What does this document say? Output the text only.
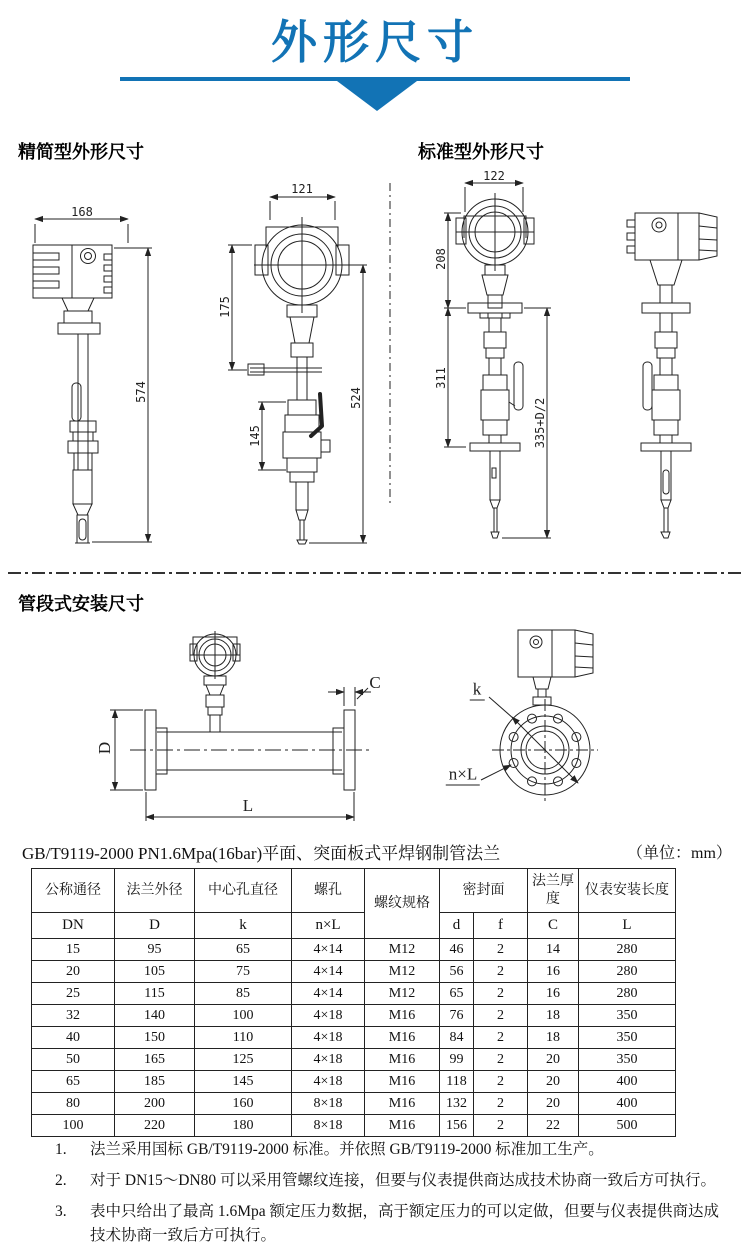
外形尺寸
精简型外形尺寸	标准型外形尺寸
168
574
121
175
145
524
122
208
311
335+D/2
管段式安装尺寸
C
D
L
k
n×L
GB/T9119-2000 PN1.6Mpa(16bar)平面、突面板式平焊钢制管法兰	（单位：mm）
公称通径	法兰外径	中心孔直径	螺孔	螺纹规格	密封面		法兰厚度	仪表安装长度
DN	D	k	n×L		d	f	C	L
15	95	65	4×14	M12	46	2	14	280
20	105	75	4×14	M12	56	2	16	280
25	115	85	4×14	M12	65	2	16	280
32	140	100	4×18	M16	76	2	18	350
40	150	110	4×18	M16	84	2	18	350
50	165	125	4×18	M16	99	2	20	350
65	185	145	4×18	M16	118	2	20	400
80	200	160	8×18	M16	132	2	20	400
100	220	180	8×18	M16	156	2	22	500
1.	法兰采用国标 GB/T9119-2000 标准。并依照 GB/T9119-2000 标准加工生产。
2.	对于 DN15～DN80 可以采用管螺纹连接，但要与仪表提供商达成技术协商一致后方可执行。
3.	表中只给出了最高 1.6Mpa 额定压力数据，高于额定压力的可以定做，但要与仪表提供商达成技术协商一致后方可执行。
